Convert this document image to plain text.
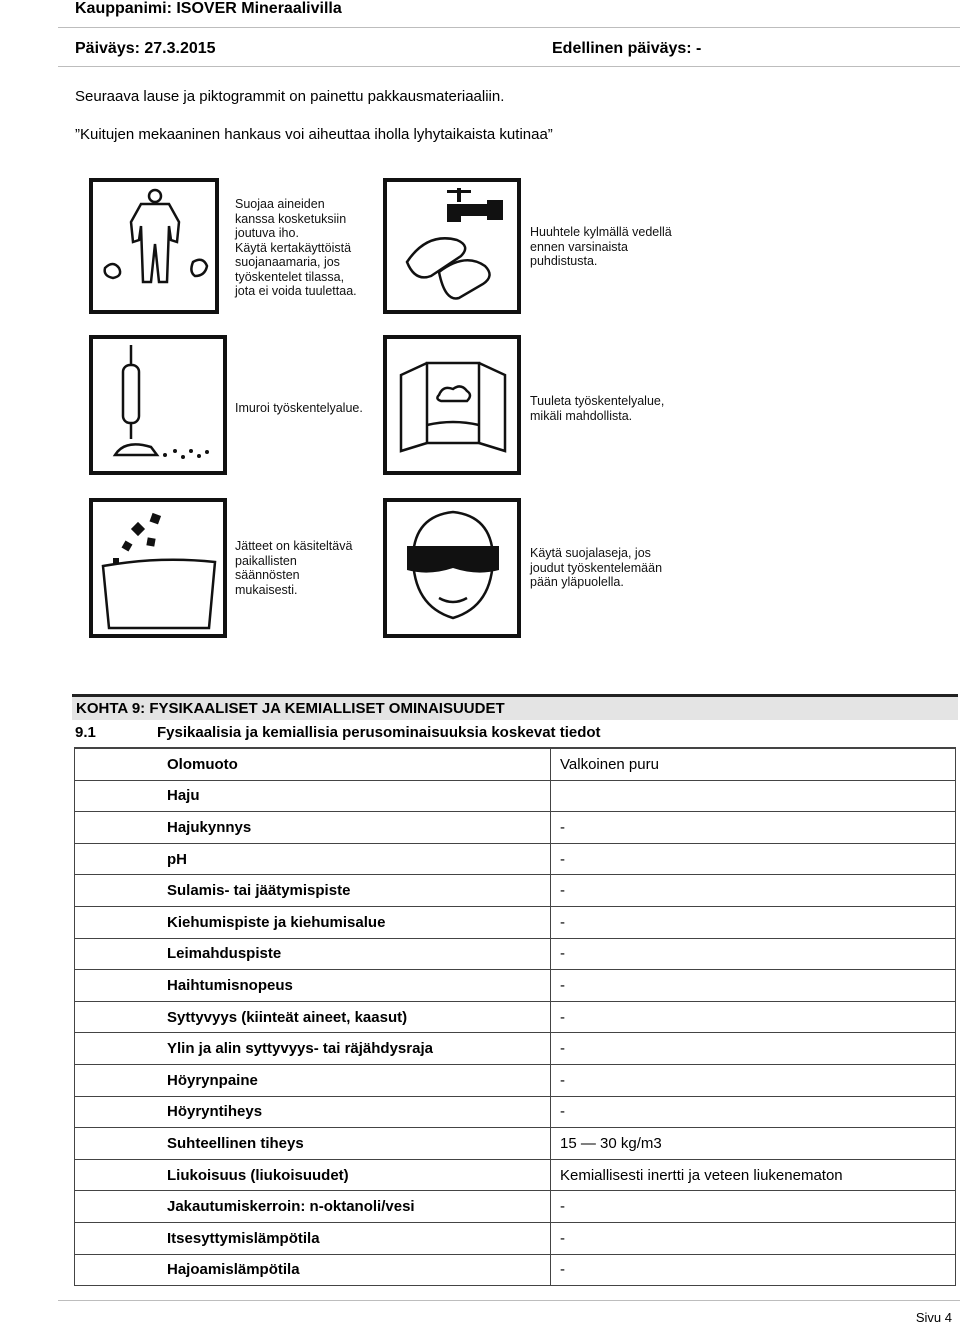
Kauppanimi: ISOVER Mineraalivilla
Päiväys: 27.3.2015	Edellinen päiväys: -
Seuraava lause ja piktogrammit on painettu pakkausmateriaaliin.
”Kuitujen mekaaninen hankaus voi aiheuttaa iholla lyhytaikaista kutinaa”
Suojaa aineiden
kanssa kosketuksiin
joutuva iho.
Käytä kertakäyttöistä
suojanaamaria, jos
työskentelet tilassa,
jota ei voida tuulettaa.
Huuhtele kylmällä vedellä
ennen varsinaista
puhdistusta.
Imuroi työskentelyalue.	Tuuleta työskentelyalue,
mikäli mahdollista.
Jätteet on käsiteltävä
paikallisten
säännösten
mukaisesti.
Käytä suojalaseja, jos
joudut työskentelemään
pään yläpuolella.
KOHTA 9: FYSIKAALISET JA KEMIALLISET OMINAISUUDET
9.1	Fysikaalisia ja kemiallisia perusominaisuuksia koskevat tiedot
Olomuoto	Valkoinen puru
Haju	
Hajukynnys	-
pH	-
Sulamis- tai jäätymispiste	-
Kiehumispiste ja kiehumisalue	-
Leimahduspiste	-
Haihtumisnopeus	-
Syttyvyys (kiinteät aineet, kaasut)	-
Ylin ja alin syttyvyys- tai räjähdysraja	-
Höyrynpaine	-
Höyryntiheys	-
Suhteellinen tiheys	15 — 30 kg/m3
Liukoisuus (liukoisuudet)	Kemiallisesti inertti ja veteen liukenematon
Jakautumiskerroin: n-oktanoli/vesi	-
Itsesyttymislämpötila	-
Hajoamislämpötila	-
Sivu 4
